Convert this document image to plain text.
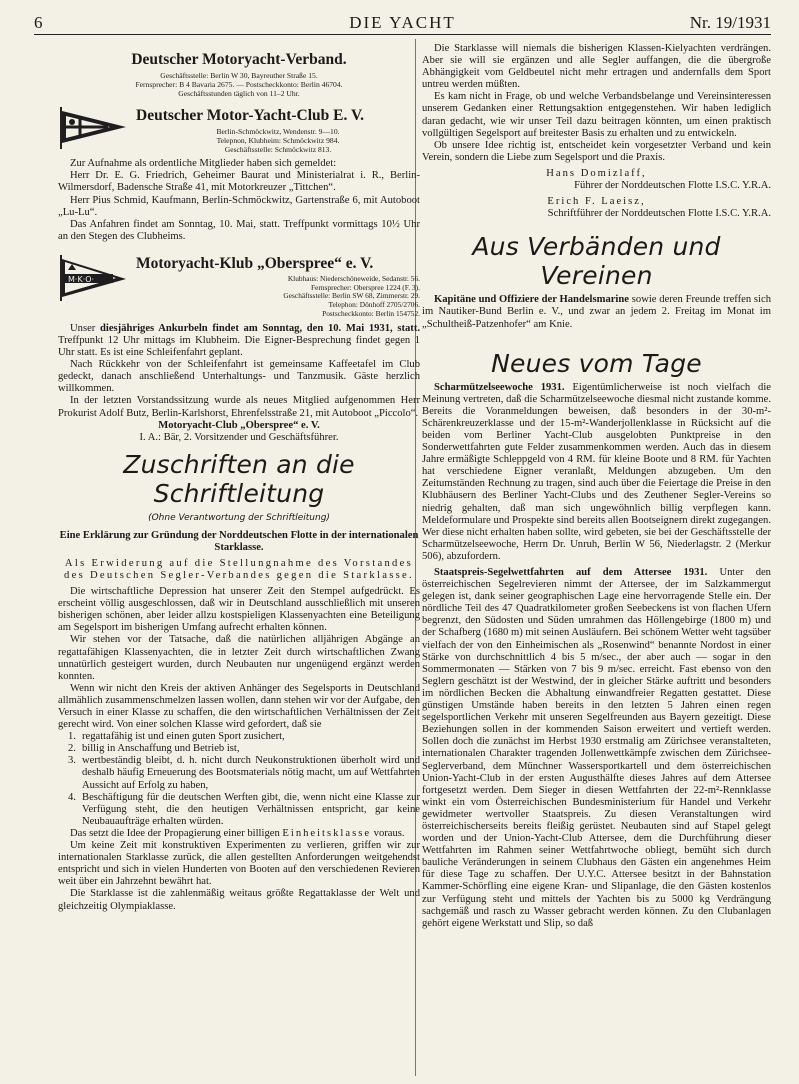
6	DIE YACHT	Nr. 19/1931
Deutscher Motoryacht-Verband.

Geschäftsstelle: Berlin W 30, Bayreuther Straße 15.

Fernsprecher: B 4 Bavaria 2675. — Postscheckkonto: Berlin 46704.

Geschäftsstunden täglich von 11–2 Uhr.

Deutscher Motor-Yacht-Club E. V.

Berlin-Schmöckwitz, Wendenstr. 9—10.

Telepnon, Klubheim: Schmöckwitz 984.

Geschäftsstelle: Schmöckwitz 813.

Zur Aufnahme als ordentliche Mitglieder haben sich gemeldet:

Herr Dr. E. G. Friedrich, Geheimer Baurat und Ministerialrat i. R., Berlin-Wilmersdorf, Badensche Straße 41, mit Motorkreuzer „Tittchen“.

Herr Pius Schmid, Kaufmann, Berlin-Schmöckwitz, Gartenstraße 6, mit Autoboot „Lu-Lu“.

Das Anfahren findet am Sonntag, 10. Mai, statt. Treffpunkt vormittags 10½ Uhr an den Stegen des Clubheims.

M·K·O·
Motoryacht-Klub „Oberspree“ e. V.

Klubhaus: Niederschöneweide, Sedanstr. 56.

Fernsprecher: Oberspree 1224 (F. 3).

Geschäftsstelle: Berlin SW 68, Zimmerstr. 29.

Telephon: Dönhoff 2705/2706.

Postscheckkonto: Berlin 154752.

Unser diesjähriges Ankurbeln findet am Sonntag, den 10. Mai 1931, statt. Treffpunkt 12 Uhr mittags im Klubheim. Die Eigner-Besprechung findet gegen 1 Uhr statt. Es ist eine Schleifenfahrt geplant.

Nach Rückkehr von der Schleifenfahrt ist gemeinsame Kaffeetafel im Club gedeckt, danach anschließend Unterhaltungs- und Tanzmusik. Gäste herzlich willkommen.

In der letzten Vorstandssitzung wurde als neues Mitglied aufgenommen Herr Prokurist Adolf Butz, Berlin-Karlshorst, Ehrenfelsstraße 21, mit Autoboot „Piccolo“.

Motoryacht-Club „Oberspree“ e. V.

I. A.: Bär, 2. Vorsitzender und Geschäftsführer.

Zuschriften an die Schriftleitung

(Ohne Verantwortung der Schriftleitung)

Eine Erklärung zur Gründung der Norddeutschen Flotte in der internationalen Starklasse.

Als Erwiderung auf die Stellungnahme des Vorstandes des Deutschen Segler-Verbandes gegen die Starklasse.

Die wirtschaftliche Depression hat unserer Zeit den Stempel aufgedrückt. Es erscheint völlig ausgeschlossen, daß wir in Deutschland ausschließlich mit unseren bisherigen schönen, aber leider allzu kostspieligen Klassenyachten eine Beteiligung am Segelsport im bisherigen Umfang aufrecht erhalten können.

Wir stehen vor der Tatsache, daß die natürlichen alljährigen Abgänge an regattafähigen Klassenyachten, die in letzter Zeit durch wirtschaftlichen Zwang unnatürlich gesteigert wurden, durch Neubauten nur ungenügend ergänzt werden konnten.

Wenn wir nicht den Kreis der aktiven Anhänger des Segelsports in Deutschland allmählich zusammenschmelzen lassen wollen, dann stehen wir vor der Aufgabe, den Versuch in einer Klasse zu schaffen, die den wirtschaftlichen Verhältnissen der Zeit gerecht wird. Von einer solchen Klasse wird gefordert, daß sie

1. regattafähig ist und einen guten Sport zusichert,
2. billig in Anschaffung und Betrieb ist,
3. wertbeständig bleibt, d. h. nicht durch Neukonstruktionen überholt wird und deshalb häufig Erneuerung des Bootsmaterials nötig macht, um auf Wettfahrten Aussicht auf Erfolg zu haben,
4. Beschäftigung für die deutschen Werften gibt, die, wenn nicht eine Klasse zur Verfügung steht, die den heutigen Verhältnissen entspricht, gar keine Neubauaufträge erhalten würden.

Das setzt die Idee der Propagierung einer billigen Einheitsklasse voraus.

Um keine Zeit mit konstruktiven Experimenten zu verlieren, griffen wir zur internationalen Starklasse zurück, die allen gestellten Anforderungen weitgehendst entspricht und sich in vielen Hunderten von Booten auf den verschiedenen Revieren weit über ein Jahrzehnt bewährt hat.

Die Starklasse ist die zahlenmäßig weitaus größte Regattaklasse der Welt und gleichzeitig Olympiaklasse.

Die Starklasse will niemals die bisherigen Klassen-Kielyachten verdrängen. Aber sie will sie ergänzen und alle Segler auffangen, die die übergroße Abhängigkeit vom Geldbeutel nicht mehr ertragen und andernfalls dem Sport untreu werden müßten.

Es kam nicht in Frage, ob und welche Verbandsbelange und Vereinsinteressen unserem Gedanken einer Rettungsaktion entgegenstehen. Wir haben lediglich daran gedacht, wie wir unser Teil dazu beitragen könnten, um einen praktisch vollgültigen Segelsport auf breitester Basis zu erhalten und zu entwickeln.

Ob unsere Idee richtig ist, entscheidet kein vorgesetzter Verband und kein Verein, sondern die Liebe zum Segelsport und die Praxis.

Hans Domizlaff,

Führer der Norddeutschen Flotte I.S.C. Y.R.A.

Erich F. Laeisz,

Schriftführer der Norddeutschen Flotte I.S.C. Y.R.A.

Aus Verbänden und Vereinen

Kapitäne und Offiziere der Handelsmarine sowie deren Freunde treffen sich im Nautiker-Bund Berlin e. V., und zwar an jedem 2. Freitag im Monat im „Schultheiß-Patzenhofer“ am Knie.

Neues vom Tage

Scharmützelseewoche 1931. Eigentümlicherweise ist noch vielfach die Meinung vertreten, daß die Scharmützelseewoche diesmal nicht zustande komme. Bereits die Voranmeldungen beweisen, daß besonders in der 30-m²-Schärenkreuzerklasse und der 15-m²-Wanderjollenklasse in Rücksicht auf die beiden vom Berliner Yacht-Club ausgelobten Punktpreise in den Sonderwettfahrten gute Felder zusammenkommen werden. Auch das in diesem Jahre ermäßigte Schleppgeld von 4 RM. für kleine Boote und 8 RM. für Yachten hat verschiedene Eigner veranlaßt, Meldungen abzugeben. Um den Zeitumständen Rechnung zu tragen, sind auch über die Feiertage die Preise in den Klubhäusern des Berliner Yacht-Clubs und des Zeuthener Segler-Vereins so niedrig gehalten, daß man sich ungewöhnlich billig verpflegen kann. Meldeformulare und Prospekte sind bereits allen Bootseignern direkt zugegangen. Wer diese nicht erhalten haben sollte, wird gebeten, sie bei der Geschäftsstelle der Scharmützelseewoche, Herrn Dr. Unruh, Berlin W 56, Niederlagstr. 2 (Merkur 506), abzufordern.

Staatspreis-Segelwettfahrten auf dem Attersee 1931. Unter den österreichischen Segelrevieren nimmt der Attersee, der im Salzkammergut gelegen ist, dank seiner geographischen Lage eine hervorragende Stelle ein. Der nördliche Teil des 47 Quadratkilometer großen Seebeckens ist von flachen Ufern begrenzt, den Südosten und Süden umrahmen das Höllengebirge (1800 m) und der Schafberg (1680 m) mit seinen Ausläufern. Bei schönem Wetter weht tagsüber vielfach der von den Einheimischen als „Rosenwind“ benannte Nordost in einer Stärke von durchschnittlich 4 bis 5 m/sec., der aber auch — sogar in den Sommermonaten — Stärken von 7 bis 9 m/sec. erreicht. Fast ebenso von den Seglern geschätzt ist der Westwind, der in gleicher Stärke auftritt und besonders im nördlichen Becken die Abhaltung einwandfreier Regatten gestattet. Diese günstigen Umstände haben bereits in den letzten 5 Jahren einen regen segelsportlichen Verkehr mit unseren Segelfreunden aus Bayern gezeitigt. Diese Beziehungen sollen in der kommenden Saison erweitert und vertieft werden. Sollen doch die zunächst im Herbst 1930 erstmalig am Zürichsee veranstalteten, internationalen Charakter tragenden Jollenwettkämpfe zwischen dem Zürichsee-Seglerverband, dem Münchner Wassersportkartell und dem österreichischen Union-Yacht-Club in der ersten Augusthälfte dieses Jahres auf dem Attersee fortgesetzt werden. Dem Sieger in diesen Wettfahrten der 22-m²-Rennklasse winkt ein vom Österreichischen Bundesministerium für Handel und Verkehr gewidmeter wertvoller Staatspreis. Zu diesen Veranstaltungen wird österreichischerseits bereits fleißig gerüstet. Neubauten sind auf Stapel gelegt worden und der Union-Yacht-Club Attersee, dem die Durchführung dieser Wettfahrten im Rahmen seiner Wettfahrtwoche obliegt, bemüht sich durch bauliche Veränderungen in seinem Clubhaus den Gästen ein angenehmes Heim für diese Tage zu schaffen. Der U.Y.C. Attersee besitzt in der Bahnstation Kammer-Schörfling eine eigene Kran- und Slipanlage, die den Gästen kostenlos zur Verfügung steht und mittels der Yachten bis zu 5000 kg Verdrängung sachgemäß und rasch zu Wasser gebracht werden können. Zu den Clubanlagen gehört eigene Werkstatt und Slip, so daß
